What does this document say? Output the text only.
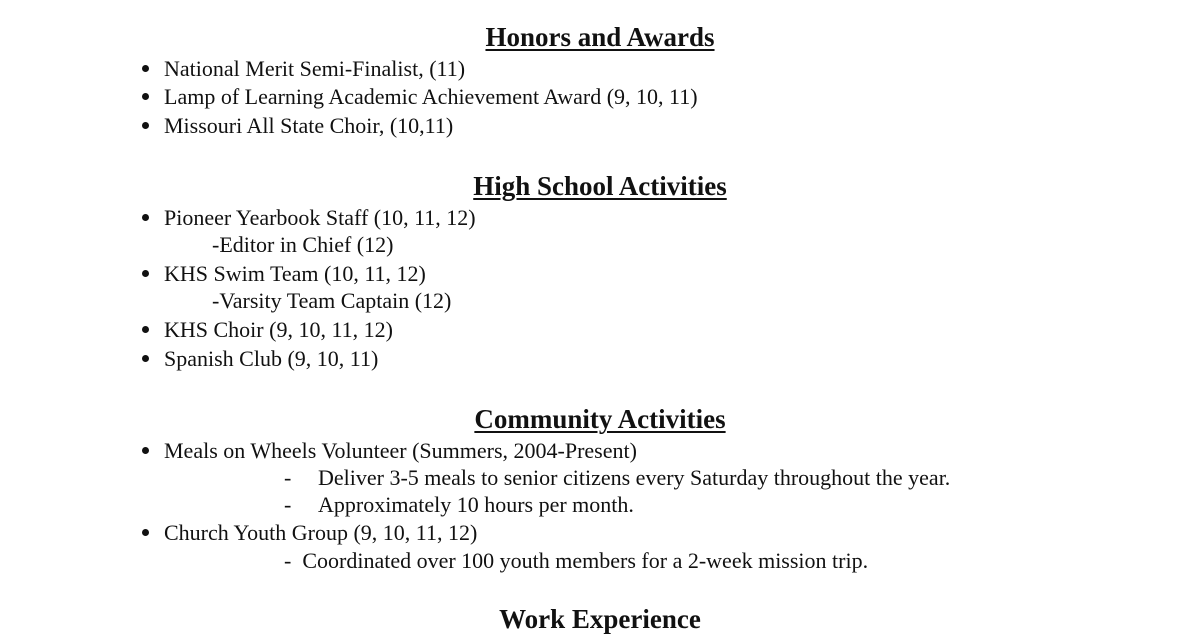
Honors and Awards
National Merit Semi-Finalist, (11)
Lamp of Learning Academic Achievement Award (9, 10, 11)
Missouri All State Choir, (10,11)
High School Activities
Pioneer Yearbook Staff (10, 11, 12)
-Editor in Chief (12)
KHS Swim Team (10, 11, 12)
-Varsity Team Captain (12)
KHS Choir (9, 10, 11, 12)
Spanish Club (9, 10, 11)
Community Activities
Meals on Wheels Volunteer (Summers, 2004-Present)
- Deliver 3-5 meals to senior citizens every Saturday throughout the year.
- Approximately 10 hours per month.
Church Youth Group (9, 10, 11, 12)
-  Coordinated over 100 youth members for a 2-week mission trip.
Work Experience
